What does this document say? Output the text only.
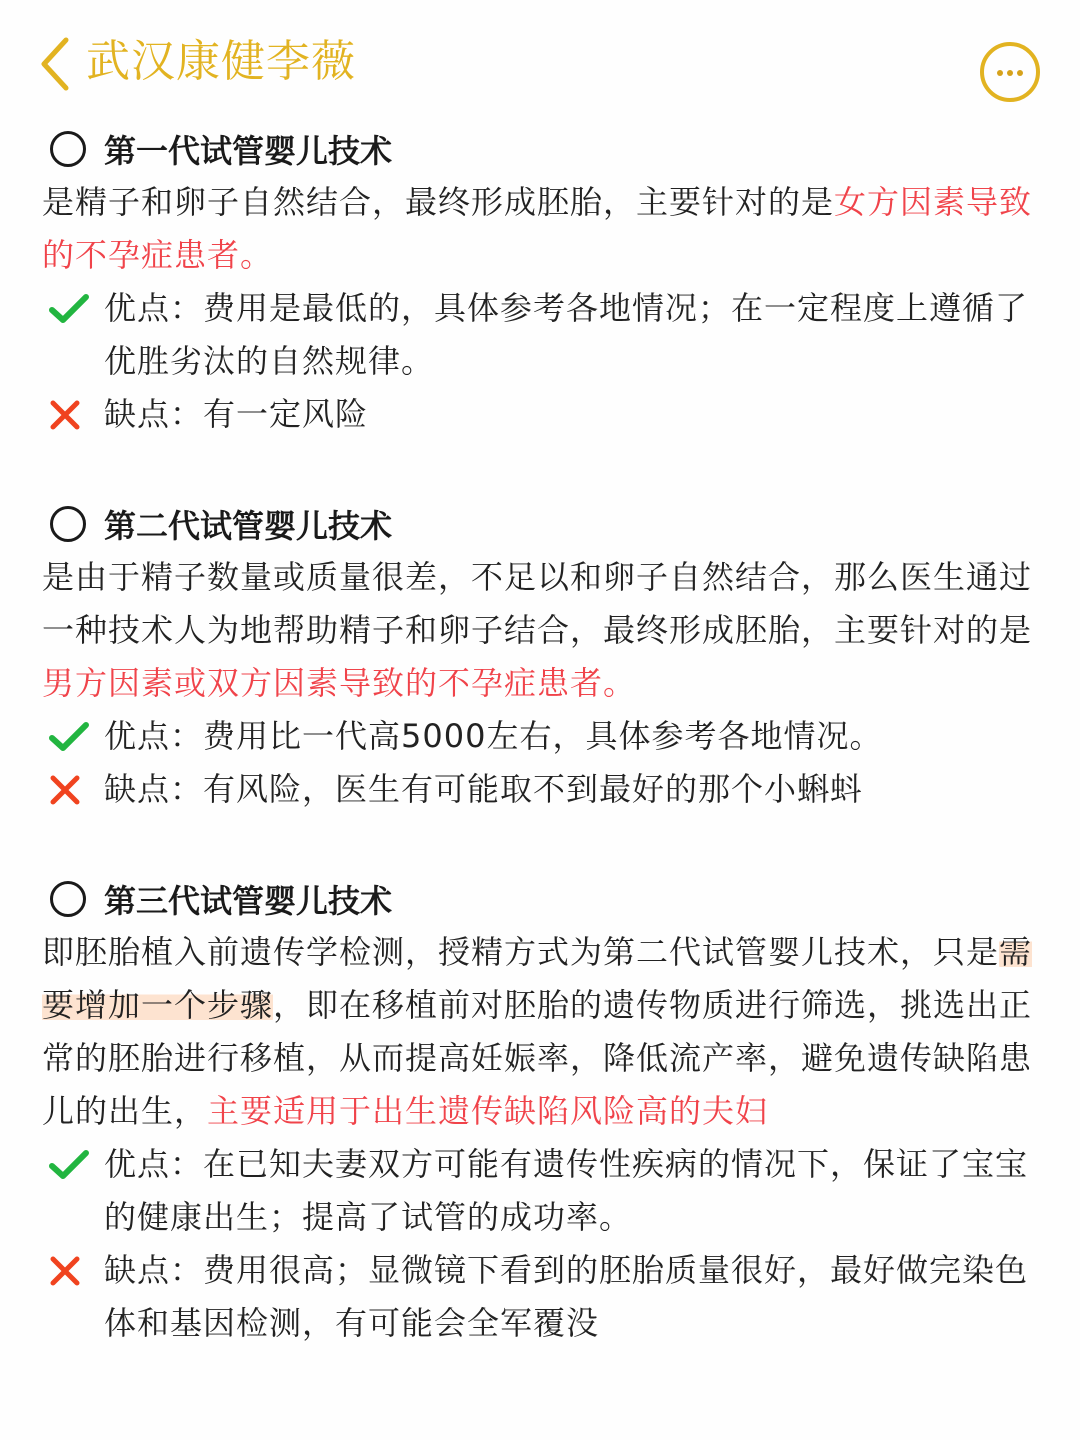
武汉康健李薇
第一代试管婴儿技术
是精子和卵子自然结合，最终形成胚胎，主要针对的是女方因素导致的不孕症患者。
优点：费用是最低的，具体参考各地情况；在一定程度上遵循了优胜劣汰的自然规律。
缺点：有一定风险
第二代试管婴儿技术
是由于精子数量或质量很差，不足以和卵子自然结合，那么医生通过一种技术人为地帮助精子和卵子结合，最终形成胚胎，主要针对的是男方因素或双方因素导致的不孕症患者。
优点：费用比一代高5000左右，具体参考各地情况。
缺点：有风险，医生有可能取不到最好的那个小蝌蚪
第三代试管婴儿技术
即胚胎植入前遗传学检测，授精方式为第二代试管婴儿技术，只是需要增加一个步骤，即在移植前对胚胎的遗传物质进行筛选，挑选出正常的胚胎进行移植，从而提高妊娠率，降低流产率，避免遗传缺陷患儿的出生，主要适用于出生遗传缺陷风险高的夫妇
优点：在已知夫妻双方可能有遗传性疾病的情况下，保证了宝宝的健康出生；提高了试管的成功率。
缺点：费用很高；显微镜下看到的胚胎质量很好，最好做完染色体和基因检测，有可能会全军覆没
